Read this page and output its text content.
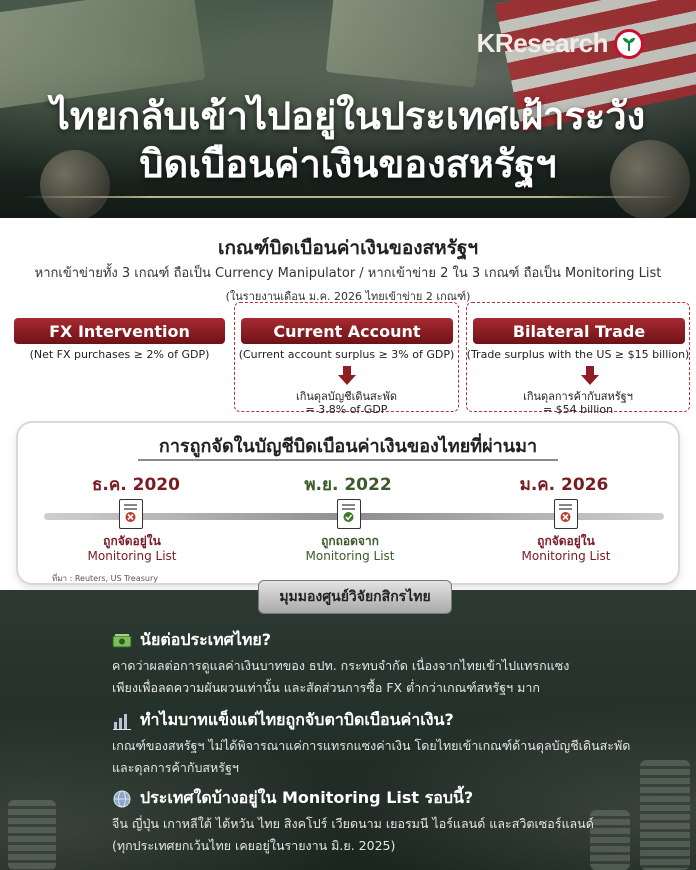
KResearch
ไทยกลับเข้าไปอยู่ในประเทศเฝ้าระวัง
บิดเบือนค่าเงินของสหรัฐฯ
เกณฑ์บิดเบือนค่าเงินของสหรัฐฯ
หากเข้าข่ายทั้ง 3 เกณฑ์ ถือเป็น Currency Manipulator / หากเข้าข่าย 2 ใน 3 เกณฑ์ ถือเป็น Monitoring List
(ในรายงานเดือน ม.ค. 2026 ไทยเข้าข่าย 2 เกณฑ์)
FX Intervention	Current Account	Bilateral Trade
(Net FX purchases ≥ 2% of GDP)	(Current account surplus ≥ 3% of GDP)	(Trade surplus with the US ≥ $15 billion)
เกินดุลบัญชีเดินสะพัด
= 3.8% of GDP
เกินดุลการค้ากับสหรัฐฯ
= $54 billion
การถูกจัดในบัญชีบิดเบือนค่าเงินของไทยที่ผ่านมา
ธ.ค. 2020	พ.ย. 2022	ม.ค. 2026
ถูกจัดอยู่ใน
Monitoring List
ถูกถอดจาก
Monitoring List
ถูกจัดอยู่ใน
Monitoring List
ที่มา : Reuters, US Treasury
มุมมองศูนย์วิจัยกสิกรไทย
นัยต่อประเทศไทย?
คาดว่าผลต่อการดูแลค่าเงินบาทของ ธปท. กระทบจำกัด เนื่องจากไทยเข้าไปแทรกแซง
เพียงเพื่อลดความผันผวนเท่านั้น และสัดส่วนการซื้อ FX ต่ำกว่าเกณฑ์สหรัฐฯ มาก
ทำไมบาทแข็งแต่ไทยถูกจับตาบิดเบือนค่าเงิน?
เกณฑ์ของสหรัฐฯ ไม่ได้พิจารณาแค่การแทรกแซงค่าเงิน โดยไทยเข้าเกณฑ์ด้านดุลบัญชีเดินสะพัด
และดุลการค้ากับสหรัฐฯ
ประเทศใดบ้างอยู่ใน Monitoring List รอบนี้?
จีน ญี่ปุ่น เกาหลีใต้ ไต้หวัน ไทย สิงคโปร์ เวียดนาม เยอรมนี ไอร์แลนด์ และสวิตเซอร์แลนด์
(ทุกประเทศยกเว้นไทย เคยอยู่ในรายงาน มิ.ย. 2025)
